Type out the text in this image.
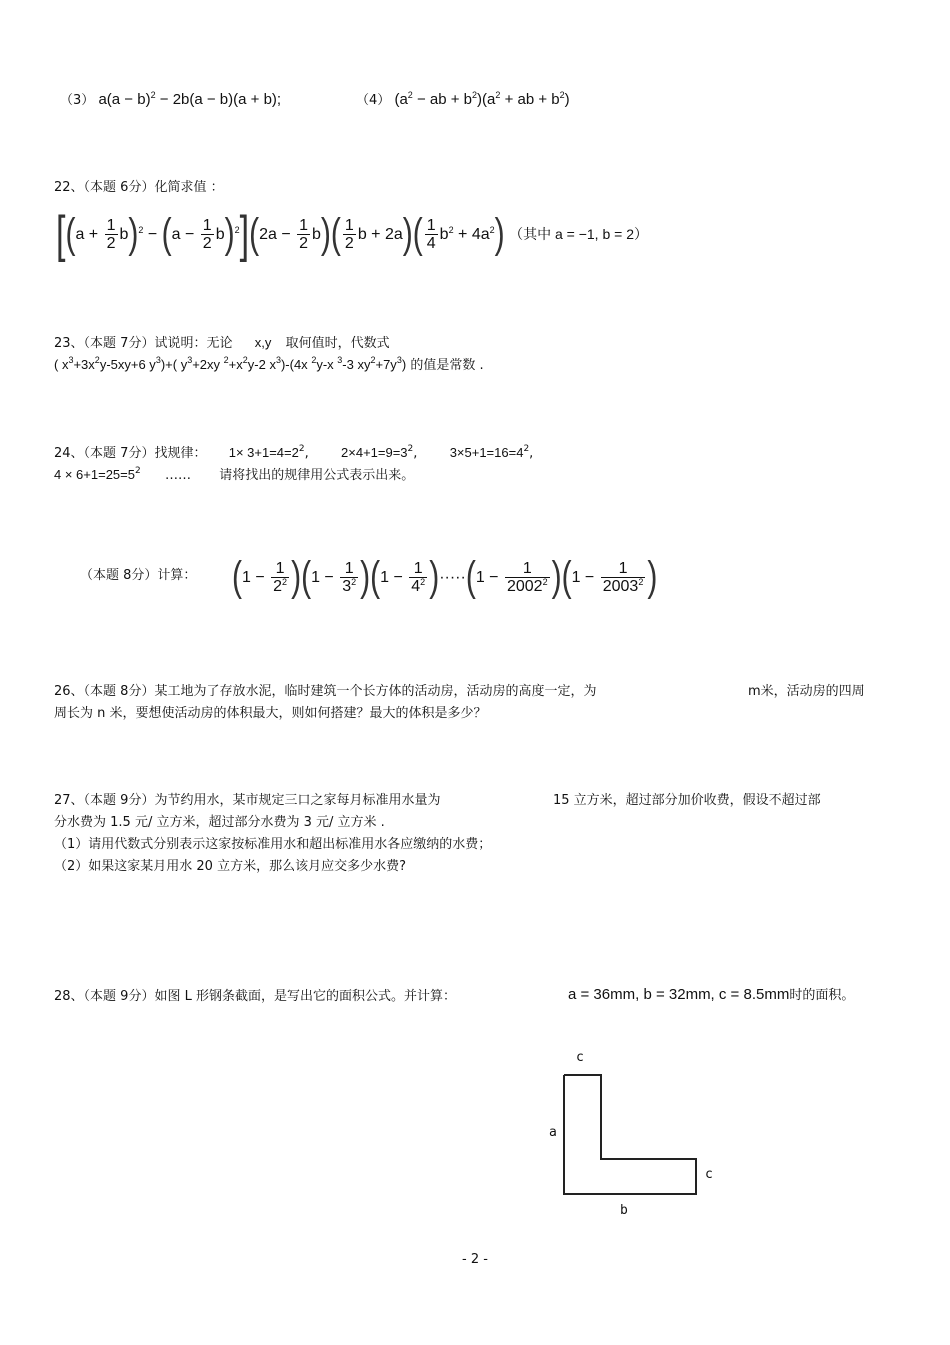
（3） $a(a - b)^2 - 2b(a - b)(a + b)$;	（4） ($a^2$ − ab + $b^2)(a^2$ + ab + $b^2$)
22、（本题 6分）化简求值 ：
$[(a + \frac{1}{2} b)^2 - (a - \frac{1}{2} b)^2](2a - \frac{1}{2} b)( \frac{1}{2}$ $b + 2a)( \frac{1}{4} b^2 + 4a^2)$ （其中 a = −1, b = 2）
23、（本题 7分）试说明：无论 x,y 取何值时，代数式
( $x^3+3x^2y-5xy+6$ $y^3)+$( $y^3+2xy$ $^2+x^2y-2$ $x^3)-(4x$ $^2$y-x $^3$-3 $xy^2+7y^3$) 的值是常数 .
24、（本题 7分）找规律： $1\times 3+1=4=2^2$,  $2\times 4+1=9=3^2$,  $3\times 5+1=16=4^2$,
$4 \times 6+1=25=5^2$ …… 请将找出的规律用公式表示出来。
（本题 8分）计算： $(1 - \frac{1}{2^2} )(1 - \frac{1}{3^2} )(1 - \frac{1}{4^2} )\cdot\cdot\cdot\cdot\cdot(1 - \frac{1}{2002^2} )(1 - \frac{1}{2003^2}$ )
26、（本题 8分）某工地为了存放水泥，临时建筑一个长方体的活动房，活动房的高度一定，为	m米，活动房的四周
周长为 n 米，要想使活动房的体积最大，则如何搭建？最大的体积是多少？
27、（本题 9分）为节约用水，某市规定三口之家每月标准用水量为	15 立方米，超过部分加价收费，假设不超过部
分水费为 1.5 元/ 立方米，超过部分水费为 3 元/ 立方米 .
（1）请用代数式分别表示这家按标准用水和超出标准用水各应缴纳的水费；
（2）如果这家某月用水 20 立方米，那么该月应交多少水费?
28、（本题 9分）如图 L 形钢条截面，是写出它的面积公式。并计算：	a = 36mm, b = 32mm, c = 8.5mm时的面积。
c
a
c
b
- 2 -
